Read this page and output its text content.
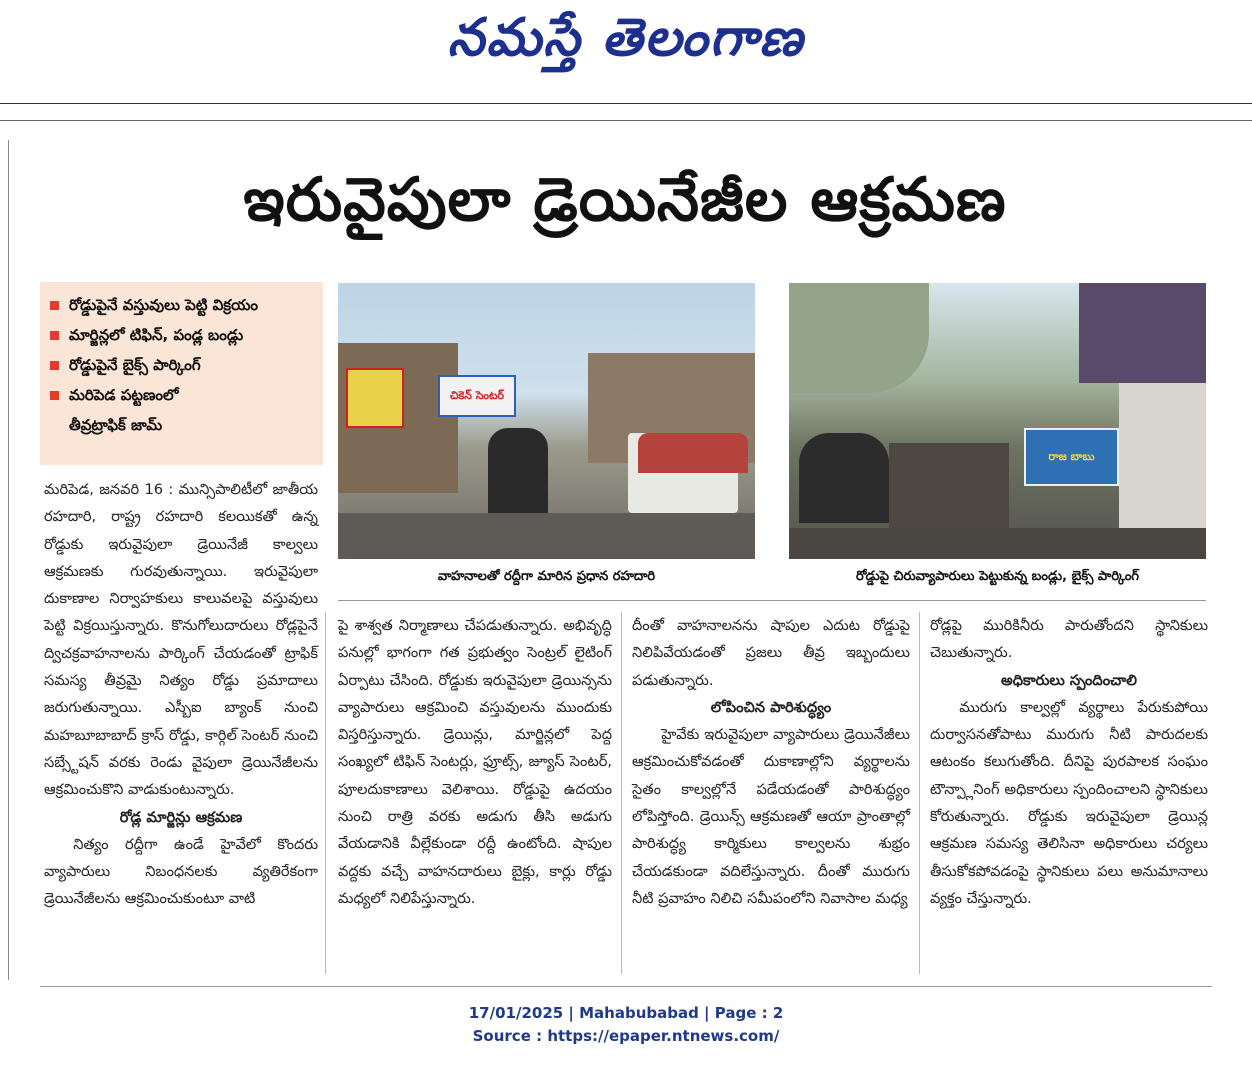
నమస్తే తెలంగాణ
ఇరువైపులా డ్రెయినేజీల ఆక్రమణ
రోడ్డుపైనే వస్తువులు పెట్టి విక్రయం
మార్జిన్లలో టిఫిన్, పండ్ల బండ్లు
రోడ్డుపైనే బైక్స్ పార్కింగ్
మరిపెడ పట్టణంలో
తీవ్రట్రాఫిక్ జామ్
చికెన్ సెంటర్
రాజ బాబు
వాహనాలతో రద్దీగా మారిన ప్రధాన రహదారి	రోడ్డుపై చిరువ్యాపారులు పెట్టుకున్న బండ్లు, బైక్స్ పార్కింగ్

మరిపెడ, జనవరి 16 : మున్సిపాలిటీలో జాతీయ రహదారి, రాష్ట్ర రహదారి కలయికతో ఉన్న రోడ్డుకు ఇరువైపులా డ్రెయినేజీ కాల్వలు ఆక్రమణకు గురవుతున్నాయి. ఇరువైపులా దుకాణాల నిర్వాహకులు కాలువలపై వస్తువులు పెట్టి విక్రయిస్తున్నారు. కొనుగోలుదారులు రోడ్లపైనే ద్విచక్రవాహనాలను పార్కింగ్ చేయడంతో ట్రాఫిక్ సమస్య తీవ్రమై నిత్యం రోడ్డు ప్రమాదాలు జరుగుతున్నాయి. ఎస్బీఐ బ్యాంక్ నుంచి మహబూబాబాద్ క్రాస్ రోడ్డు, కార్గిల్ సెంటర్ నుంచి సబ్స్టేషన్ వరకు రెండు వైపులా డ్రెయినేజీలను ఆక్రమించుకొని వాడుకుంటున్నారు.

రోడ్ల మార్జిన్లు ఆక్రమణ

నిత్యం రద్దీగా ఉండే హైవేలో కొందరు వ్యాపారులు నిబంధనలకు వ్యతిరేకంగా డ్రెయినేజీలను ఆక్రమించుకుంటూ వాటి

పై శాశ్వత నిర్మాణాలు చేపడుతున్నారు. అభివృద్ధి పనుల్లో భాగంగా గత ప్రభుత్వం సెంట్రల్ లైటింగ్ ఏర్పాటు చేసింది. రోడ్డుకు ఇరువైపులా డ్రెయిన్సను వ్యాపారులు ఆక్రమించి వస్తువులను ముందుకు విస్తరిస్తున్నారు. డ్రెయిన్లు, మార్జిన్లలో పెద్ద సంఖ్యలో టిఫిన్ సెంటర్లు, ఫ్రూట్స్, జ్యూస్ సెంటర్, పూలదుకాణాలు వెలిశాయి. రోడ్డుపై ఉదయం నుంచి రాత్రి వరకు అడుగు తీసి అడుగు వేయడానికి వీల్లేకుండా రద్దీ ఉంటోంది. షాపుల వద్దకు వచ్చే వాహనదారులు బైక్లు, కార్లు రోడ్డు మధ్యలో నిలిపేస్తున్నారు.

దీంతో వాహనాలనను షాపుల ఎదుట రోడ్డుపై నిలిపివేయడంతో ప్రజలు తీవ్ర ఇబ్బందులు పడుతున్నారు.

లోపించిన పారిశుద్ధ్యం

హైవేకు ఇరువైపులా వ్యాపారులు డ్రెయినేజీలు ఆక్రమించుకోవడంతో దుకాణాల్లోని వ్యర్థాలను సైతం కాల్వల్లోనే పడేయడంతో పారిశుద్ధ్యం లోపిస్తోంది. డ్రెయిన్స్ ఆక్రమణతో ఆయా ప్రాంతాల్లో పారిశుద్ధ్య కార్మికులు కాల్వలను శుభ్రం చేయడకుండా వదిలేస్తున్నారు. దీంతో మురుగు నీటి ప్రవాహం నిలిచి సమీపంలోని నివాసాల మధ్య

రోడ్లపై మురికినీరు పారుతోందని స్థానికులు చెబుతున్నారు.

అధికారులు స్పందించాలి

మురుగు కాల్వల్లో వ్యర్థాలు పేరుకుపోయి దుర్వాసనతోపాటు మురుగు నీటి పారుదలకు ఆటంకం కలుగుతోంది. దీనిపై పురపాలక సంఘం టౌన్ప్లానింగ్ అధికారులు స్పందించాలని స్థానికులు కోరుతున్నారు. రోడ్డుకు ఇరువైపులా డ్రెయిన్ల ఆక్రమణ సమస్య తెలిసినా అధికారులు చర్యలు తీసుకోకపోవడంపై స్థానికులు పలు అనుమానాలు వ్యక్తం చేస్తున్నారు.

17/01/2025 | Mahabubabad | Page : 2
Source : https://epaper.ntnews.com/
